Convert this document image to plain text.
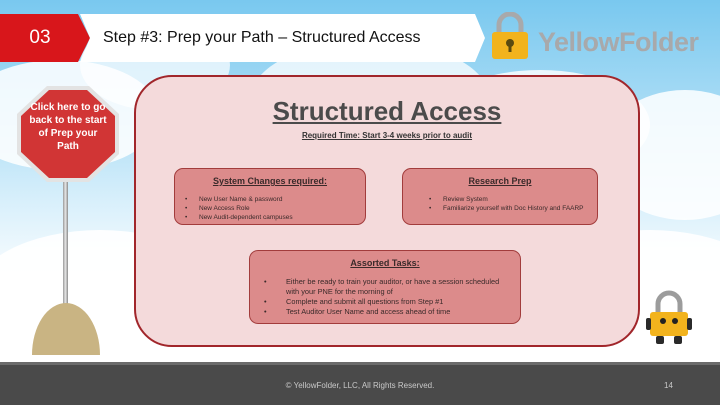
03	Step #3: Prep your Path – Structured Access	YellowFolder
Click here to go back to the start of Prep your Path
Structured Access
Required Time: Start 3-4 weeks prior to audit
• New User Name & password
• New Access Role
• New Audit-dependent campuses
System Changes required:
• Review System
• Familiarize yourself with Doc History and FAARP
Research Prep
• Either be ready to train your auditor, or have a session scheduled with your PNE for the morning of
• Complete and submit all questions from Step #1
• Test Auditor User Name and access ahead of time
Assorted Tasks:
© YellowFolder, LLC, All Rights Reserved.	14
